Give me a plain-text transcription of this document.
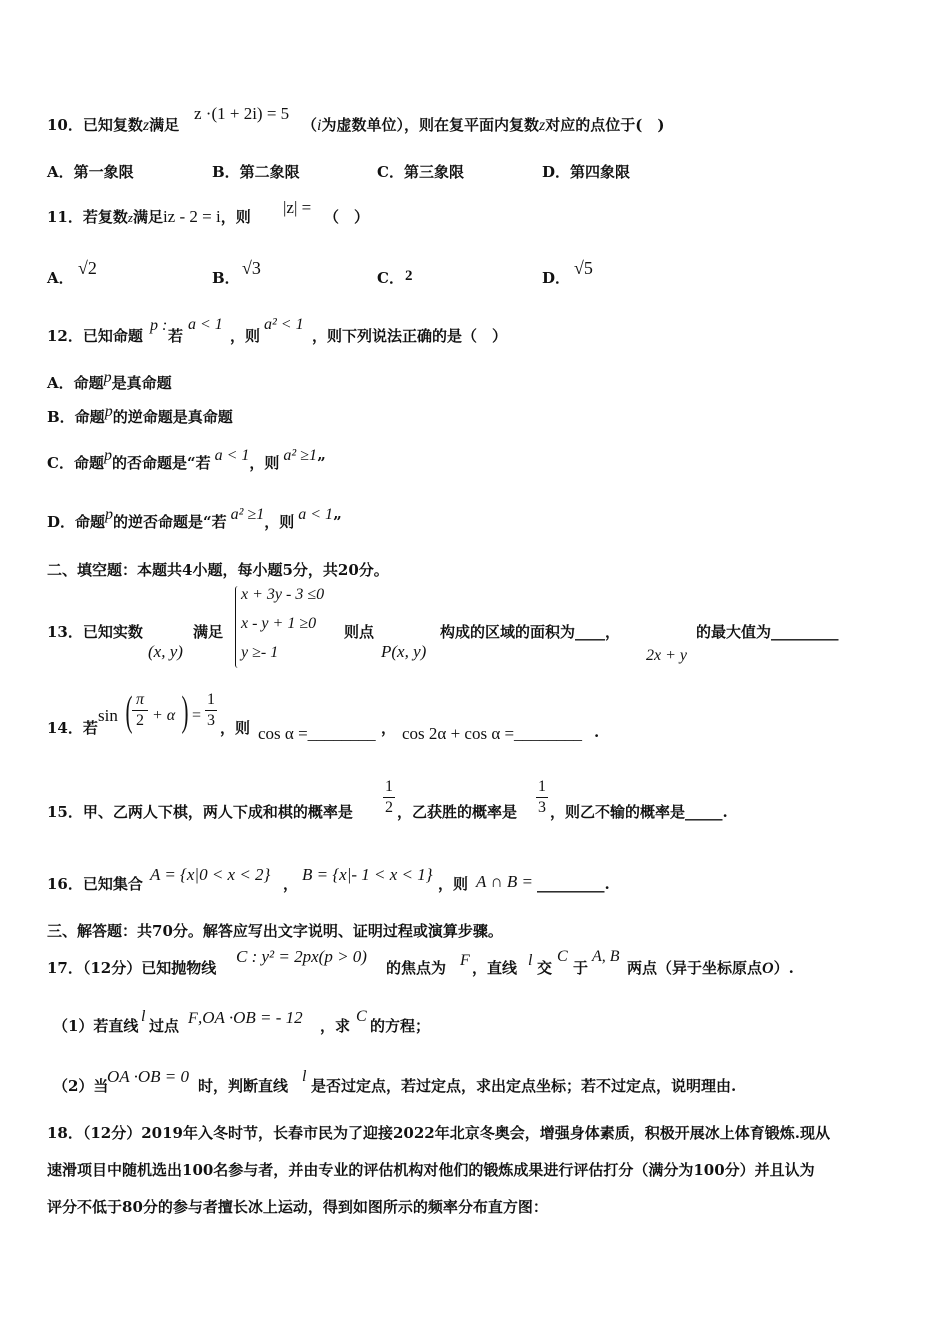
10．已知复数z满足
z ·(1 + 2i) = 5
（i为虚数单位），则在复平面内复数z对应的点位于(　)
A．第一象限	B．第二象限	C．第三象限	D．第四象限
11．若复数z满足iz - 2 = i，则 |z| = （　）
A． √2	B． √3	C． 2	D． √5
12．已知命题
p :
若
a < 1
，则
a² < 1
，则下列说法正确的是（　）
A．命题p是真命题
B．命题p的逆命题是真命题
C．命题p的否命题是“若 a < 1，则 a² ≥1”
D．命题p的逆否命题是“若 a² ≥1，则 a < 1”
二、填空题：本题共4小题，每小题5分，共20分。
13．已知实数
(x, y)
满足
x + 3y - 3 ≤0
x - y + 1 ≥0
y ≥- 1
则点
P(x, y)
构成的区域的面积为____，
2x + y
的最大值为_________
14．若
sin ( π
2 + α ) =
1
3 ，则 cos α =________ ， cos 2α + cos α =________ .
15．甲、乙两人下棋，两人下成和棋的概率是
1
2 ，乙获胜的概率是
1
3 ，则乙不输的概率是_____.
16．已知集合 A = {x|0 < x < 2} ， B = {x|- 1 < x < 1} ，则 A ∩ B = _________.
三、解答题：共70分。解答应写出文字说明、证明过程或演算步骤。
17．（12分）已知抛物线
C : y² = 2px(p > 0)
的焦点为 F ，直线 l 交
C
于
A, B
两点（异于坐标原点O）.
（1）若直线
l
过点 F ,OA ·OB = - 12 ，求
C
的方程；
（2）当
OA ·OB = 0 时，判断直线
l
是否过定点，若过定点，求出定点坐标；若不过定点，说明理由.
18．（12分）2019年入冬时节，长春市民为了迎接2022年北京冬奥会，增强身体素质，积极开展冰上体育锻炼.现从
速滑项目中随机选出100名参与者，并由专业的评估机构对他们的锻炼成果进行评估打分（满分为100分）并且认为
评分不低于80分的参与者擅长冰上运动，得到如图所示的频率分布直方图：
